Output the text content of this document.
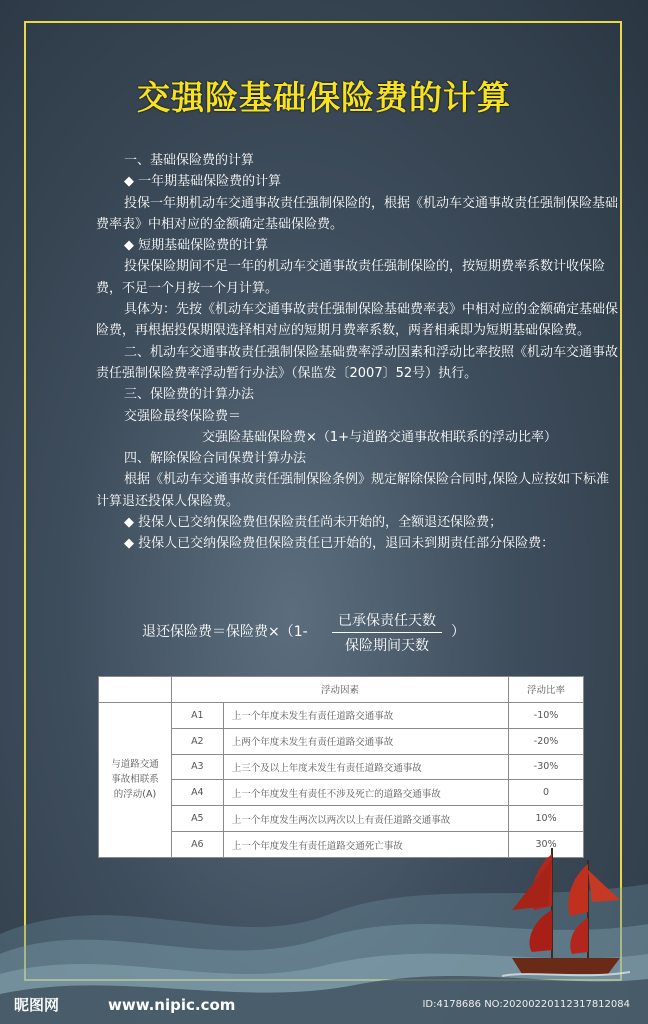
交强险基础保险费的计算

一、基础保险费的计算

◆ 一年期基础保险费的计算

投保一年期机动车交通事故责任强制保险的，根据《机动车交通事故责任强制保险基础费率表》中相对应的金额确定基础保险费。

◆ 短期基础保险费的计算

投保保险期间不足一年的机动车交通事故责任强制保险的，按短期费率系数计收保险费，不足一个月按一个月计算。

具体为：先按《机动车交通事故责任强制保险基础费率表》中相对应的金额确定基础保险费，再根据投保期限选择相对应的短期月费率系数，两者相乘即为短期基础保险费。

二、机动车交通事故责任强制保险基础费率浮动因素和浮动比率按照《机动车交通事故责任强制保险费率浮动暂行办法》（保监发〔2007〕52号）执行。

三、保险费的计算办法

交强险最终保险费＝

交强险基础保险费×（1+与道路交通事故相联系的浮动比率）

四、解除保险合同保费计算办法

根据《机动车交通事故责任强制保险条例》规定解除保险合同时,保险人应按如下标准计算退还投保人保险费。

◆ 投保人已交纳保险费但保险责任尚未开始的，全额退还保险费；

◆ 投保人已交纳保险费但保险责任已开始的，退回未到期责任部分保险费：

退还保险费＝保险费×（1-
已承保责任天数
保险期间天数
）
	浮动因素		浮动比率
与道路交通事故相联系的浮动(A)	A1	上一个年度未发生有责任道路交通事故	-10%
	A2	上两个年度未发生有责任道路交通事故	-20%
	A3	上三个及以上年度未发生有责任道路交通事故	-30%
	A4	上一个年度发生有责任不涉及死亡的道路交通事故	0
	A5	上一个年度发生两次以两次以上有责任道路交通事故	10%
	A6	上一个年度发生有责任道路交通死亡事故	30%
昵图网	www.nipic.com	ID:4178686 NO:20200220112317812084
